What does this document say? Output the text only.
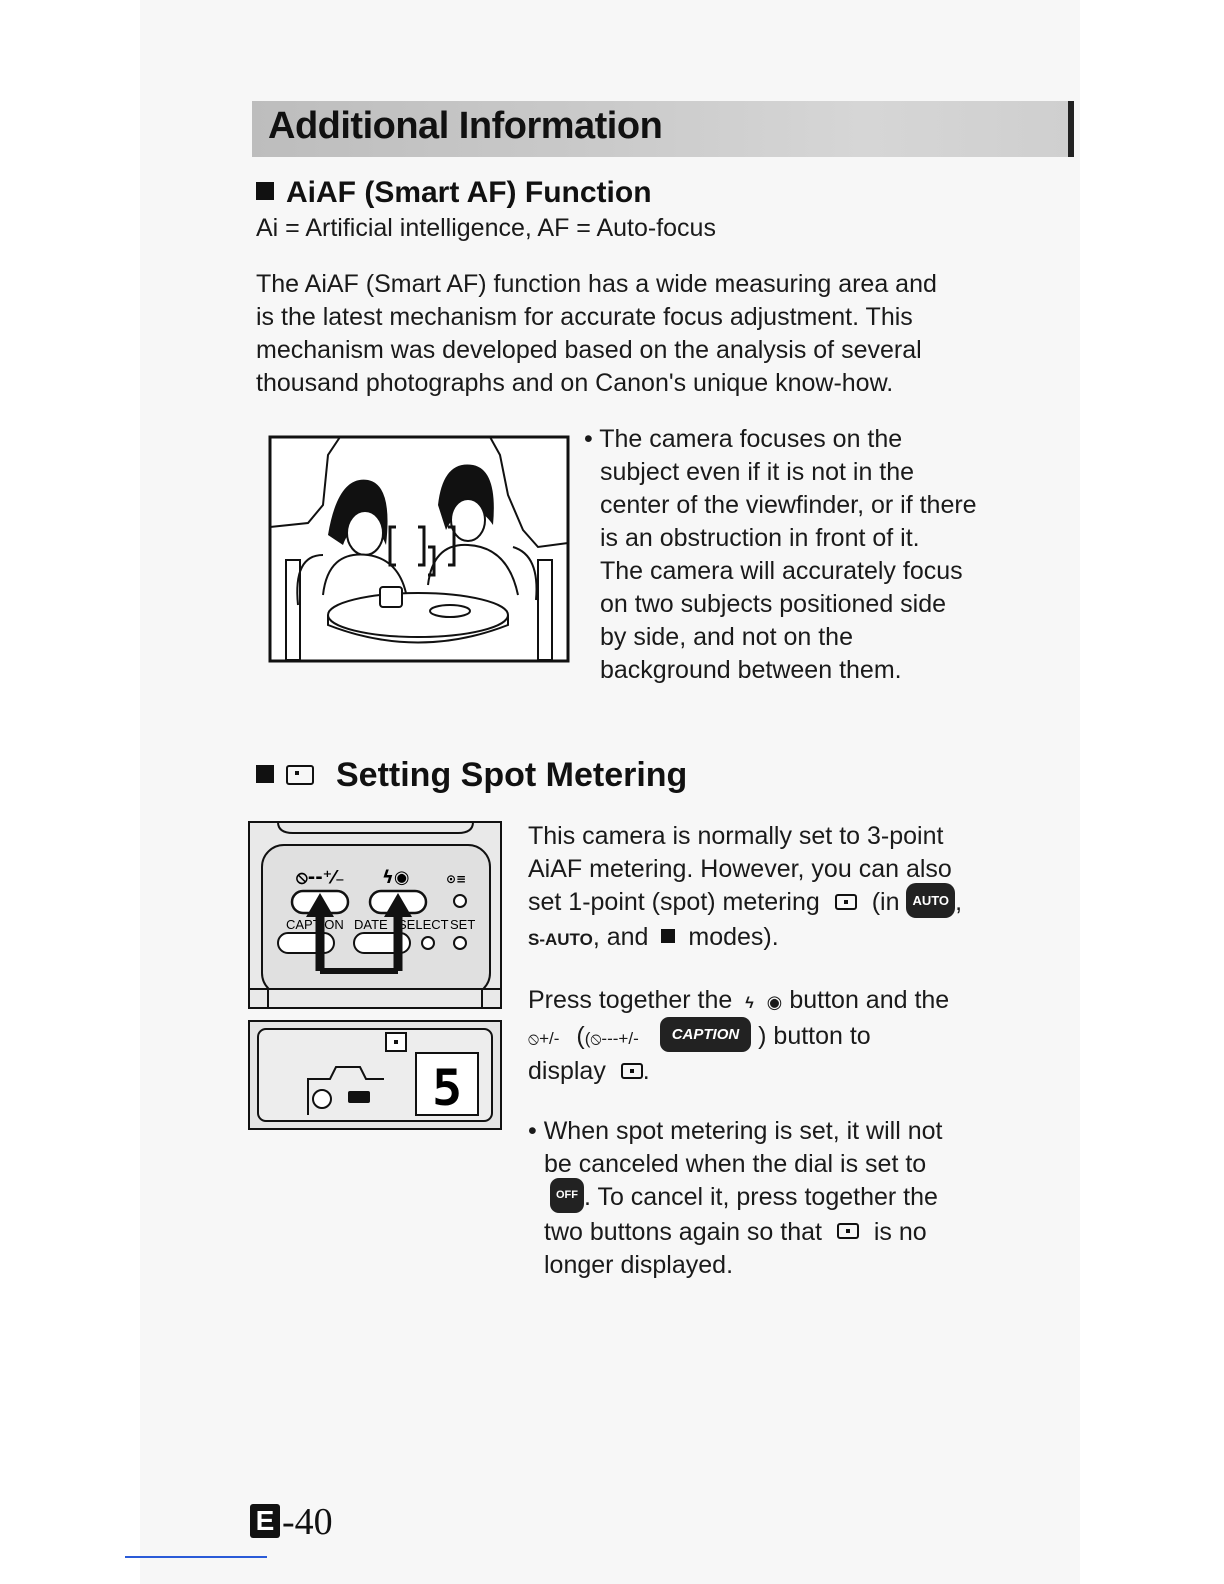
Additional Information
AiAF (Smart AF) Function
Ai = Artificial intelligence, AF = Auto-focus
The AiAF (Smart AF) function has a wide measuring area and
is the latest mechanism for accurate focus adjustment. This
mechanism was developed based on the analysis of several
thousand photographs and on Canon's unique know-how.
• The camera focuses on the
subject even if it is not in the
center of the viewfinder, or if there
is an obstruction in front of it.
The camera will accurately focus
on two subjects positioned side
by side, and not on the
background between them.
Setting Spot Metering
⦸--⁺⁄₋ ϟ◉	⊙≡
CAPTION DATE SELECT SET
5
This camera is normally set to 3-point
AiAF metering. However, you can also
set 1-point (spot) metering (in AUTO ,
S-AUTO, and modes).
Press together the ϟ ◉ button and the
⦸+/- ((⦸---+/- CAPTION ) button to
display .
• When spot metering is set, it will not
be canceled when the dial is set to
OFF . To cancel it, press together the
two buttons again so that is no
longer displayed.
E -40
